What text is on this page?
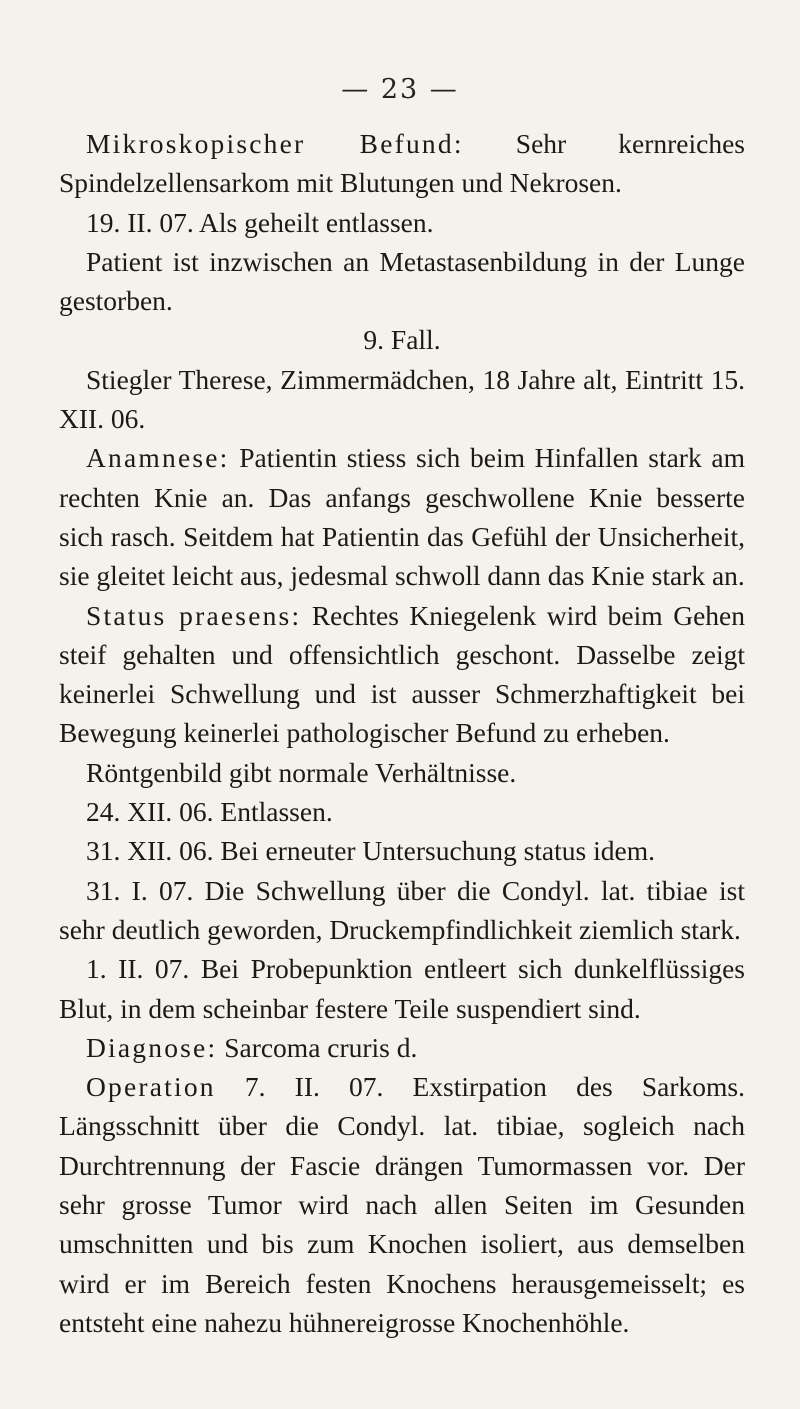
— 23 —

Mikroskopischer Befund: Sehr kernreiches Spindelzellensarkom mit Blutungen und Nekrosen.

19. II. 07. Als geheilt entlassen.

Patient ist inzwischen an Metastasenbildung in der Lunge gestorben.

9. Fall.

Stiegler Therese, Zimmermädchen, 18 Jahre alt, Eintritt 15. XII. 06.

Anamnese: Patientin stiess sich beim Hinfallen stark am rechten Knie an. Das anfangs geschwollene Knie besserte sich rasch. Seitdem hat Patientin das Gefühl der Unsicherheit, sie gleitet leicht aus, jedesmal schwoll dann das Knie stark an.

Status praesens: Rechtes Kniegelenk wird beim Gehen steif gehalten und offensichtlich geschont. Dasselbe zeigt keinerlei Schwellung und ist ausser Schmerzhaftigkeit bei Bewegung keinerlei pathologischer Befund zu erheben.

Röntgenbild gibt normale Verhältnisse.

24. XII. 06. Entlassen.

31. XII. 06. Bei erneuter Untersuchung status idem.

31. I. 07. Die Schwellung über die Condyl. lat. tibiae ist sehr deutlich geworden, Druckempfindlichkeit ziemlich stark.

1. II. 07. Bei Probepunktion entleert sich dunkelflüssiges Blut, in dem scheinbar festere Teile suspendiert sind.

Diagnose: Sarcoma cruris d.

Operation 7. II. 07. Exstirpation des Sarkoms. Längsschnitt über die Condyl. lat. tibiae, sogleich nach Durchtrennung der Fascie drängen Tumormassen vor. Der sehr grosse Tumor wird nach allen Seiten im Gesunden umschnitten und bis zum Knochen isoliert, aus demselben wird er im Bereich festen Knochens herausgemeisselt; es entsteht eine nahezu hühnereigrosse Knochenhöhle.
